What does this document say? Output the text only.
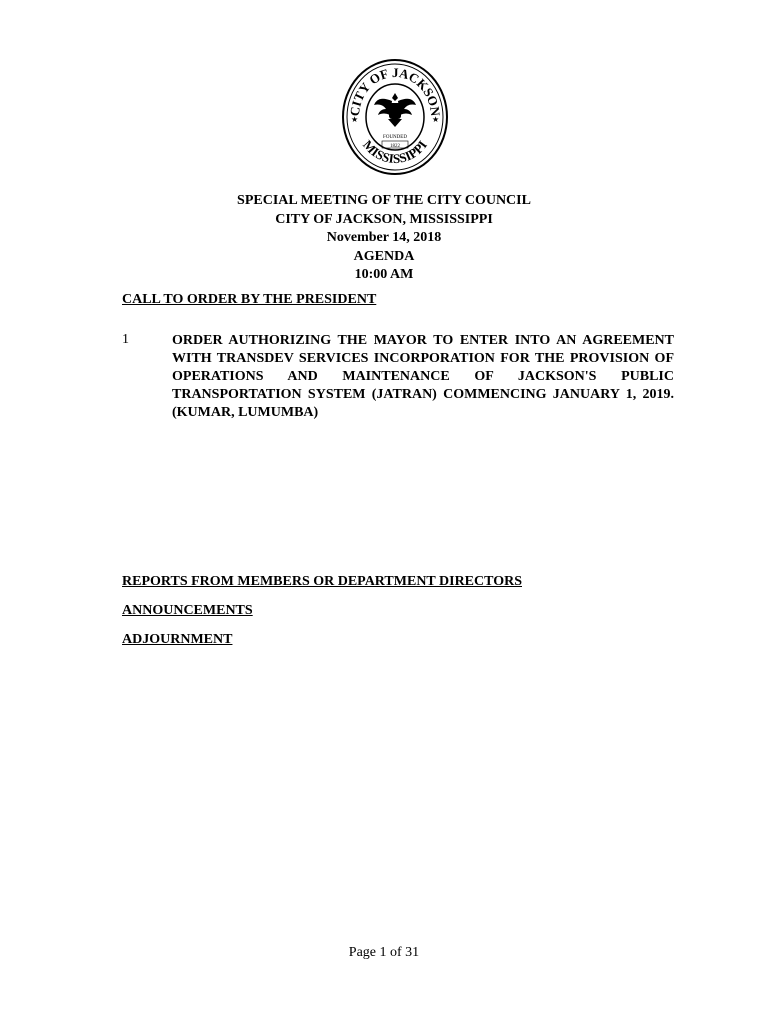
CITY OF JACKSON
MISSISSIPPI
★	★
FOUNDED
1822
SPECIAL MEETING OF THE CITY COUNCIL
CITY OF JACKSON, MISSISSIPPI
November 14, 2018
AGENDA
10:00 AM
CALL TO ORDER BY THE PRESIDENT
1	ORDER AUTHORIZING THE MAYOR TO ENTER INTO AN AGREEMENT WITH TRANSDEV SERVICES INCORPORATION FOR THE PROVISION OF OPERATIONS AND MAINTENANCE OF JACKSON'S PUBLIC TRANSPORTATION SYSTEM (JATRAN) COMMENCING JANUARY 1, 2019. (KUMAR, LUMUMBA)
REPORTS FROM MEMBERS OR DEPARTMENT DIRECTORS
ANNOUNCEMENTS
ADJOURNMENT
Page 1 of 31
